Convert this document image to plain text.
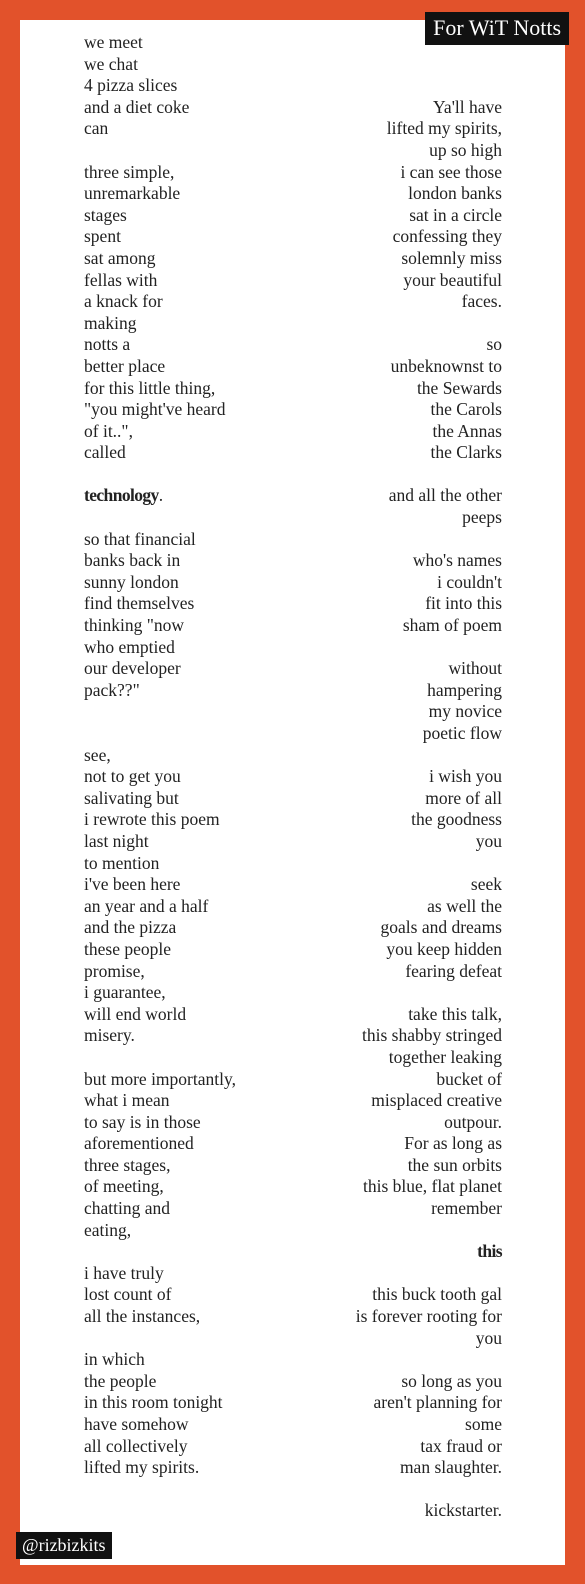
For WiT Notts
we meet
we chat
4 pizza slices
and a diet coke
can
three simple,
unremarkable
stages
spent
sat among
fellas with
a knack for
making
notts a
better place
for this little thing,
"you might've heard
of it..",
called
technology.
so that financial
banks back in
sunny london
find themselves
thinking "now
who emptied
our developer
pack??"
see,
not to get you
salivating but
i rewrote this poem
last night
to mention
i've been here
an year and a half
and the pizza
these people
promise,
i guarantee,
will end world
misery.
but more importantly,
what i mean
to say is in those
aforementioned
three stages,
of meeting,
chatting and
eating,
i have truly
lost count of
all the instances,
in which
the people
in this room tonight
have somehow
all collectively
lifted my spirits.
Ya'll have
lifted my spirits,
up so high
i can see those
london banks
sat in a circle
confessing they
solemnly miss
your beautiful
faces.
so
unbeknownst to
the Sewards
the Carols
the Annas
the Clarks
and all the other
peeps
who's names
i couldn't
fit into this
sham of poem
without
hampering
my novice
poetic flow
i wish you
more of all
the goodness
you
seek
as well the
goals and dreams
you keep hidden
fearing defeat
take this talk,
this shabby stringed
together leaking
bucket of
misplaced creative
outpour.
For as long as
the sun orbits
this blue, flat planet
remember
this
this buck tooth gal
is forever rooting for
you
so long as you
aren't planning for
some
tax fraud or
man slaughter.
kickstarter.
@rizbizkits
